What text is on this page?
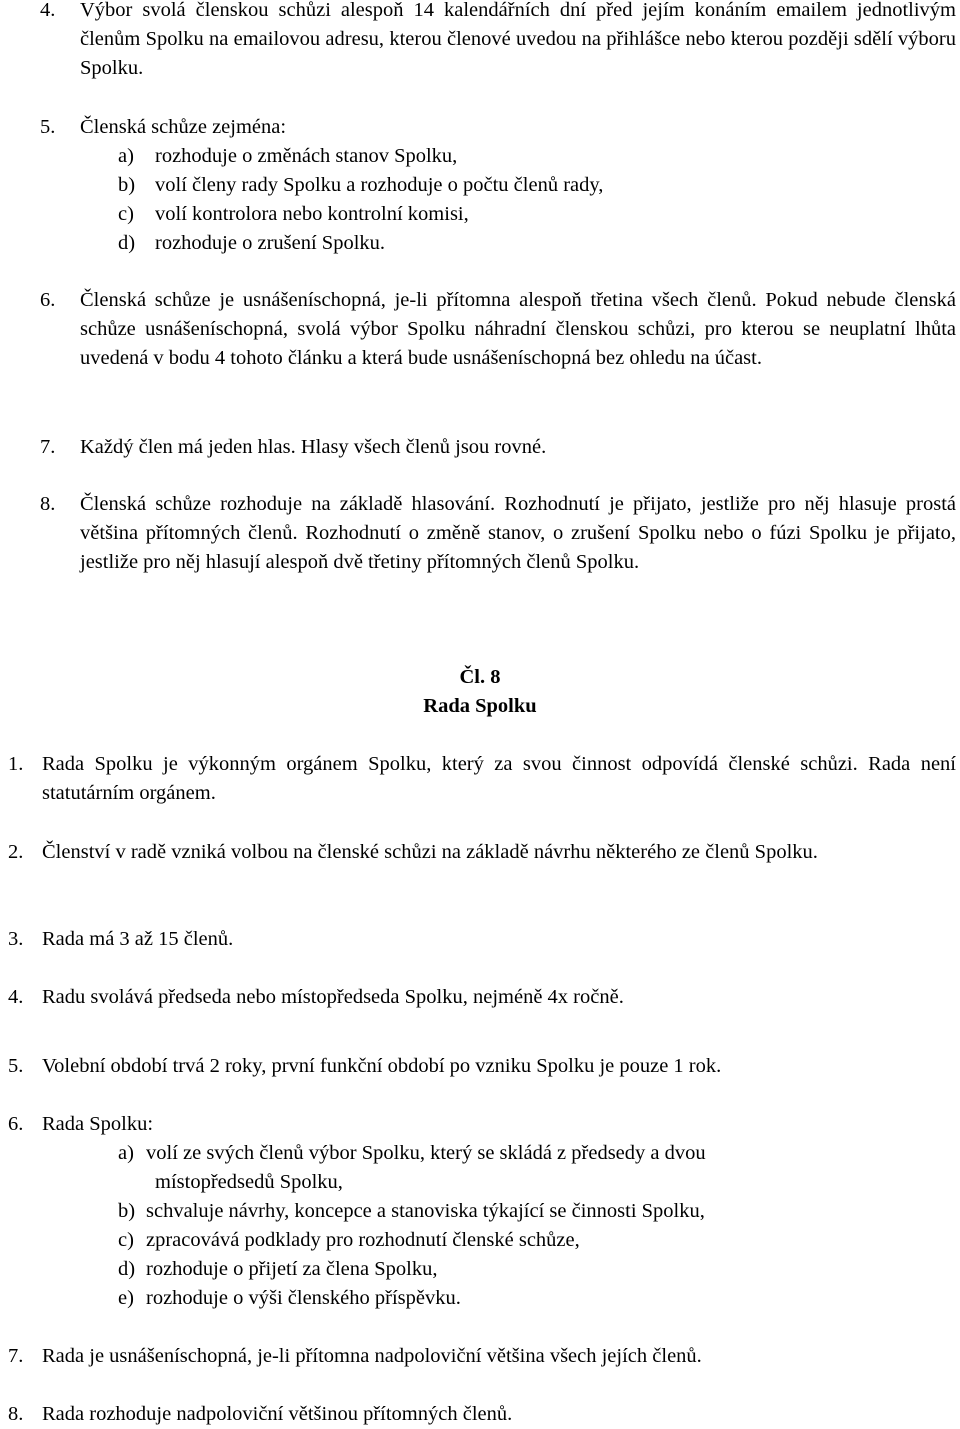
4. Výbor svolá členskou schůzi alespoň 14 kalendářních dní před jejím konáním emailem jednotlivým členům Spolku na emailovou adresu, kterou členové uvedou na přihlášce nebo kterou později sdělí výboru Spolku.
5. Členská schůze zejména:
a) rozhoduje o změnách stanov Spolku,
b) volí členy rady Spolku a rozhoduje o počtu členů rady,
c) volí kontrolora nebo kontrolní komisi,
d) rozhoduje o zrušení Spolku.
6. Členská schůze je usnášeníschopná, je-li přítomna alespoň třetina všech členů. Pokud nebude členská schůze usnášeníschopná, svolá výbor Spolku náhradní členskou schůzi, pro kterou se neuplatní lhůta uvedená v bodu 4 tohoto článku a která bude usnášeníschopná bez ohledu na účast.
7. Každý člen má jeden hlas. Hlasy všech členů jsou rovné.
8. Členská schůze rozhoduje na základě hlasování. Rozhodnutí je přijato, jestliže pro něj hlasuje prostá většina přítomných členů. Rozhodnutí o změně stanov, o zrušení Spolku nebo o fúzi Spolku je přijato, jestliže pro něj hlasují alespoň dvě třetiny přítomných členů Spolku.
Čl. 8
Rada Spolku
1. Rada Spolku je výkonným orgánem Spolku, který za svou činnost odpovídá členské schůzi. Rada není statutárním orgánem.
2. Členství v radě vzniká volbou na členské schůzi na základě návrhu některého ze členů Spolku.
3. Rada má 3 až 15 členů.
4. Radu svolává předseda nebo místopředseda Spolku, nejméně 4x ročně.
5. Volební období trvá 2 roky, první funkční období po vzniku Spolku je pouze 1 rok.
6. Rada Spolku:
a) volí ze svých členů výbor Spolku, který se skládá z předsedy a dvou
místopředsedů Spolku,
b) schvaluje návrhy, koncepce a stanoviska týkající se činnosti Spolku,
c) zpracovává podklady pro rozhodnutí členské schůze,
d) rozhoduje o přijetí za člena Spolku,
e) rozhoduje o výši členského příspěvku.
7. Rada je usnášeníschopná, je-li přítomna nadpoloviční většina všech jejích členů.
8. Rada rozhoduje nadpoloviční většinou přítomných členů.
